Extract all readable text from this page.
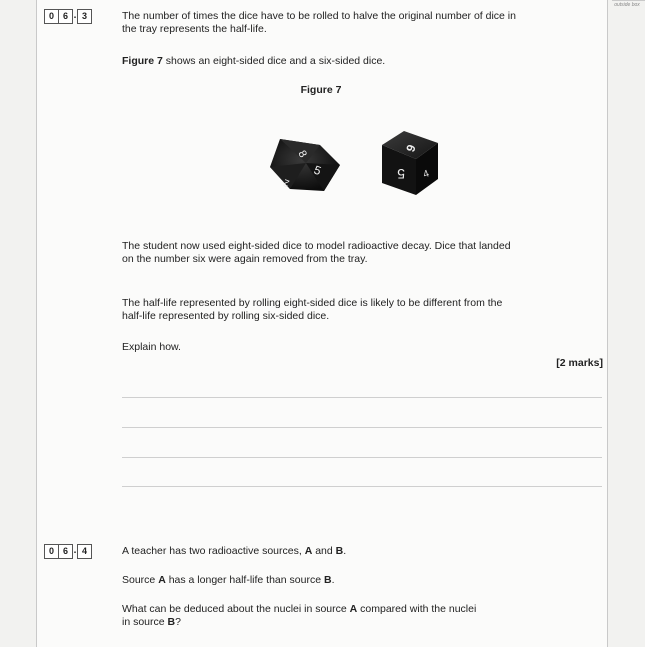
outside box
0 6 . 3	The number of times the dice have to be rolled to halve the original number of dice in
the tray represents the half-life.
Figure 7 shows an eight-sided dice and a six-sided dice.
Figure 7
8
5
2
9
5 4
The student now used eight-sided dice to model radioactive decay. Dice that landed
on the number six were again removed from the tray.
The half-life represented by rolling eight-sided dice is likely to be different from the
half-life represented by rolling six-sided dice.
Explain how.
[2 marks]
0 6 . 4	A teacher has two radioactive sources, A and B.
Source A has a longer half-life than source B.
What can be deduced about the nuclei in source A compared with the nuclei
in source B?
